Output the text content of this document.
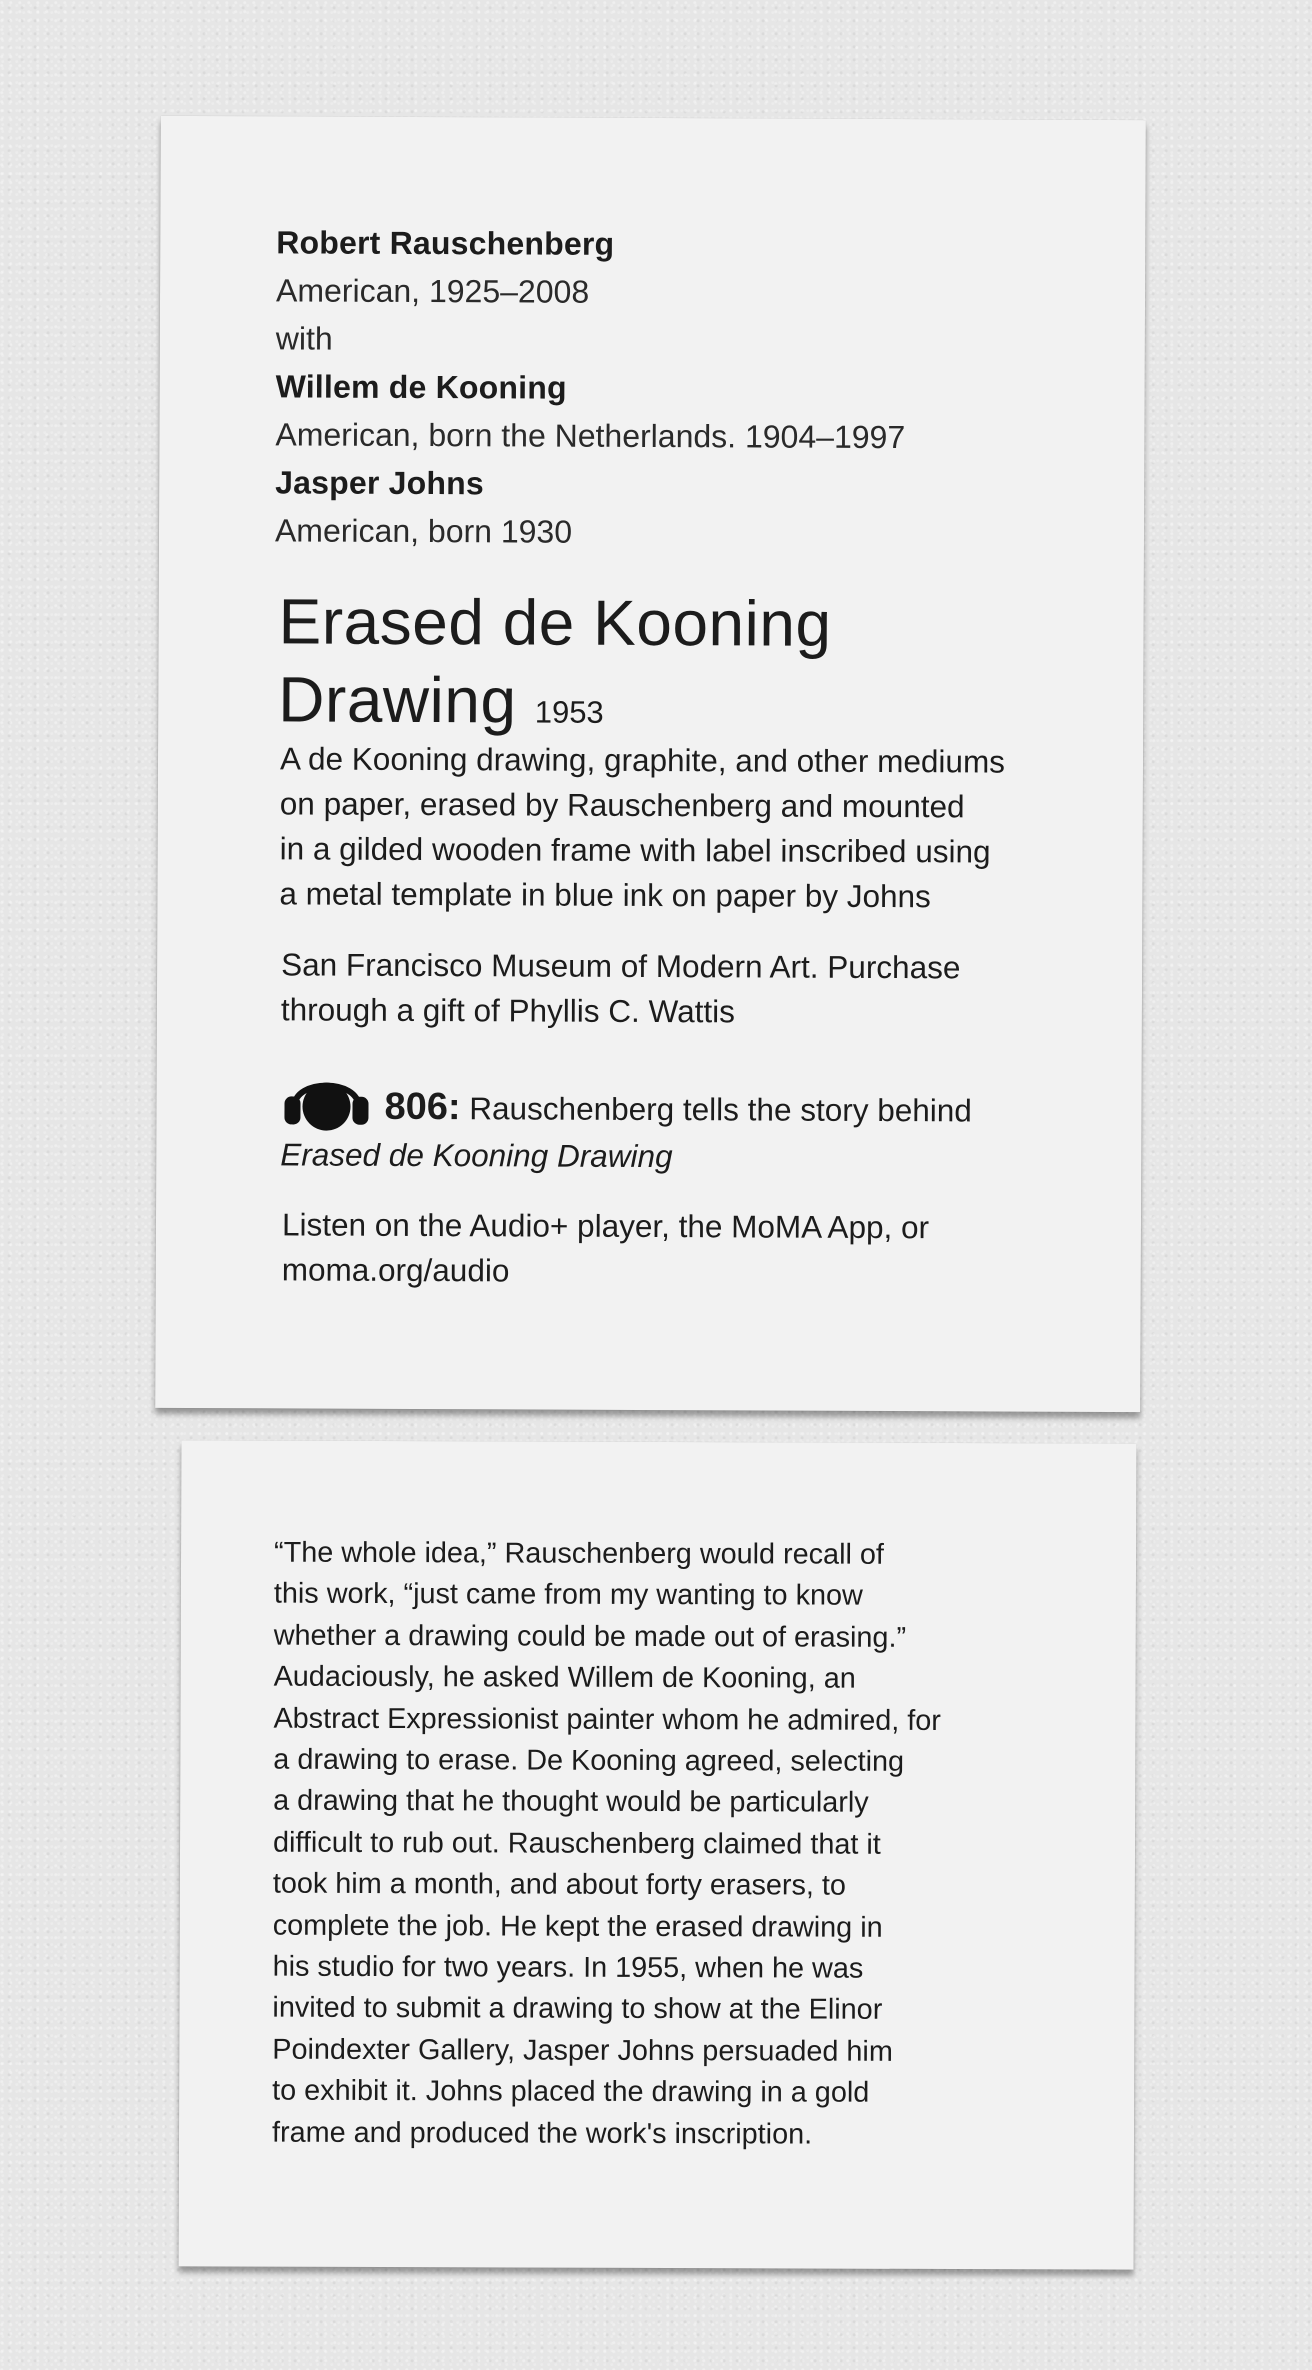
Robert Rauschenberg
American, 1925–2008
with
Willem de Kooning
American, born the Netherlands. 1904–1997
Jasper Johns
American, born 1930
Erased de Kooning
Drawing 1953
A de Kooning drawing, graphite, and other mediums
on paper, erased by Rauschenberg and mounted
in a gilded wooden frame with label inscribed using
a metal template in blue ink on paper by Johns
San Francisco Museum of Modern Art. Purchase
through a gift of Phyllis C. Wattis
806: Rauschenberg tells the story behind
Erased de Kooning Drawing
Listen on the Audio+ player, the MoMA App, or
moma.org/audio
“The whole idea,” Rauschenberg would recall of
this work, “just came from my wanting to know
whether a drawing could be made out of erasing.”
Audaciously, he asked Willem de Kooning, an
Abstract Expressionist painter whom he admired, for
a drawing to erase. De Kooning agreed, selecting
a drawing that he thought would be particularly
difficult to rub out. Rauschenberg claimed that it
took him a month, and about forty erasers, to
complete the job. He kept the erased drawing in
his studio for two years. In 1955, when he was
invited to submit a drawing to show at the Elinor
Poindexter Gallery, Jasper Johns persuaded him
to exhibit it. Johns placed the drawing in a gold
frame and produced the work's inscription.
